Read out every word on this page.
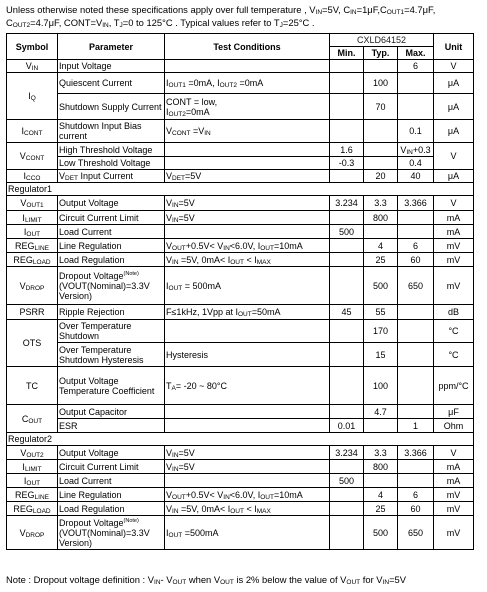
Unless otherwise noted these specifications apply over full temperature , $V_{IN}=5V$, $C_{IN}=1\mu F,C_{OUT1}=4.7\mu F$,
$C_{OUT2}=4.7\mu F$, $CONT=V_{IN}$, $T_J=0$ to 125°C . Typical values refer to $T_J=25^\circ C$ .
Symbol	Parameter	Test Conditions	CXLD64152			Unit
			Min.	Typ.	Max.	
$V_{IN}$	Input Voltage				6	V
$I_Q$	Quiescent Current	$I_{OUT1} =0mA$, $I_{OUT2} =0mA$		100		μA
	Shutdown Supply Current	CONT = low,
$I_{OUT2}=0mA$		70		μA
$I_{CONT}$	Shutdown Input Bias current	$V_{CONT} =V_{IN}$			0.1	μA
$V_{CONT}$	High Threshold Voltage		1.6		$V_{IN}+0.3$	V
	Low Threshold Voltage		-0.3		0.4	
$I_{CCO}$	$V_{DET}$ Input Current	$V_{DET}=5V$		20	40	μA
Regulator1						
$V_{OUT1}$	Output Voltage	$V_{IN}=5V$	3.234	3.3	3.366	V
$I_{LIMIT}$	Circuit Current Limit	$V_{IN}=5V$		800		mA
$I_{OUT}$	Load Current		500			mA
$REG_{LINE}$	Line Regulation	$V_{OUT}+0.5V< V_{IN}<6.0V$, $I_{OUT}=10mA$		4	6	mV
$REG_{LOAD}$	Load Regulation	$V_{IN} =5V$, $0mA< I_{OUT} < I_{MAX}$		25	60	mV
$V_{DROP}$	Dropout Voltage$^{(Note)}$
(VOUT(Nominal)=3.3V
Version)	$I_{OUT} = 500mA$		500	650	mV
PSRR	Ripple Rejection	F≤1kHz, 1Vpp at $I_{OUT}=50mA$	45	55		dB
OTS	Over Temperature Shutdown			170		°C
	Over Temperature Shutdown Hysteresis	Hysteresis		15		°C
TC	Output Voltage Temperature Coefficient	$T_A= -20$ ~ 80°C		100		ppm/°C
$C_{OUT}$	Output Capacitor			4.7		μF
	ESR		0.01		1	Ohm
Regulator2						
$V_{OUT2}$	Output Voltage	$V_{IN}=5V$	3.234	3.3	3.366	V
$I_{LIMIT}$	Circuit Current Limit	$V_{IN}=5V$		800		mA
$I_{OUT}$	Load Current		500			mA
$REG_{LINE}$	Line Regulation	$V_{OUT}+0.5V< V_{IN}<6.0V$, $I_{OUT}=10mA$		4	6	mV
$REG_{LOAD}$	Load Regulation	$V_{IN} =5V$, $0mA< I_{OUT} < I_{MAX}$		25	60	mV
$V_{DROP}$	Dropout Voltage$^{(Note)}$
(VOUT(Nominal)=3.3V
Version)	$I_{OUT} =500mA$		500	650	mV
Note : Dropout voltage definition : $V_{IN}-$ $V_{OUT}$ when $V_{OUT}$ is 2% below the value of $V_{OUT}$ for $V_{IN}=5V$
